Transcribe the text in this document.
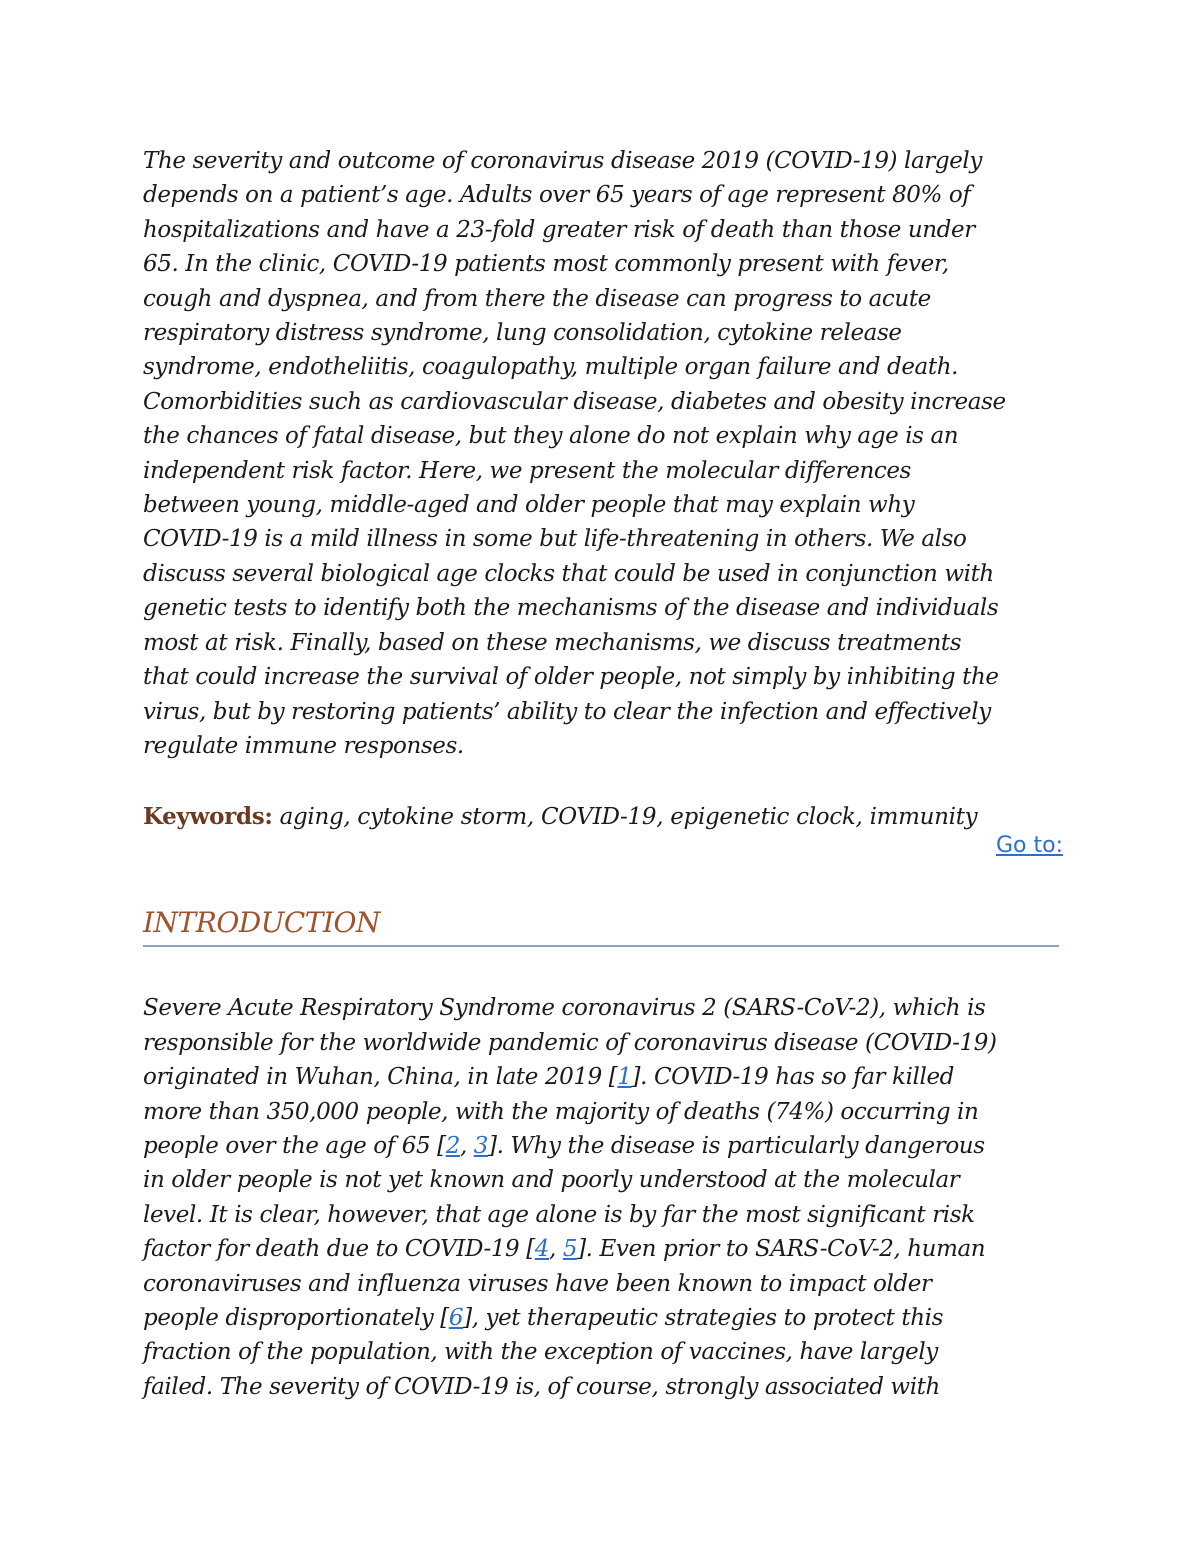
The severity and outcome of coronavirus disease 2019 (COVID-19) largely
depends on a patient’s age. Adults over 65 years of age represent 80% of
hospitalizations and have a 23-fold greater risk of death than those under
65. In the clinic, COVID-19 patients most commonly present with fever,
cough and dyspnea, and from there the disease can progress to acute
respiratory distress syndrome, lung consolidation, cytokine release
syndrome, endotheliitis, coagulopathy, multiple organ failure and death.
Comorbidities such as cardiovascular disease, diabetes and obesity increase
the chances of fatal disease, but they alone do not explain why age is an
independent risk factor. Here, we present the molecular differences
between young, middle-aged and older people that may explain why
COVID-19 is a mild illness in some but life-threatening in others. We also
discuss several biological age clocks that could be used in conjunction with
genetic tests to identify both the mechanisms of the disease and individuals
most at risk. Finally, based on these mechanisms, we discuss treatments
that could increase the survival of older people, not simply by inhibiting the
virus, but by restoring patients’ ability to clear the infection and effectively
regulate immune responses.

Keywords: aging, cytokine storm, COVID-19, epigenetic clock, immunity
Go to:
INTRODUCTION

Severe Acute Respiratory Syndrome coronavirus 2 (SARS-CoV-2), which is
responsible for the worldwide pandemic of coronavirus disease (COVID-19)
originated in Wuhan, China, in late 2019 [1]. COVID-19 has so far killed
more than 350,000 people, with the majority of deaths (74%) occurring in
people over the age of 65 [2, 3]. Why the disease is particularly dangerous
in older people is not yet known and poorly understood at the molecular
level. It is clear, however, that age alone is by far the most significant risk
factor for death due to COVID-19 [4, 5]. Even prior to SARS-CoV-2, human
coronaviruses and influenza viruses have been known to impact older
people disproportionately [6], yet therapeutic strategies to protect this
fraction of the population, with the exception of vaccines, have largely
failed. The severity of COVID-19 is, of course, strongly associated with
